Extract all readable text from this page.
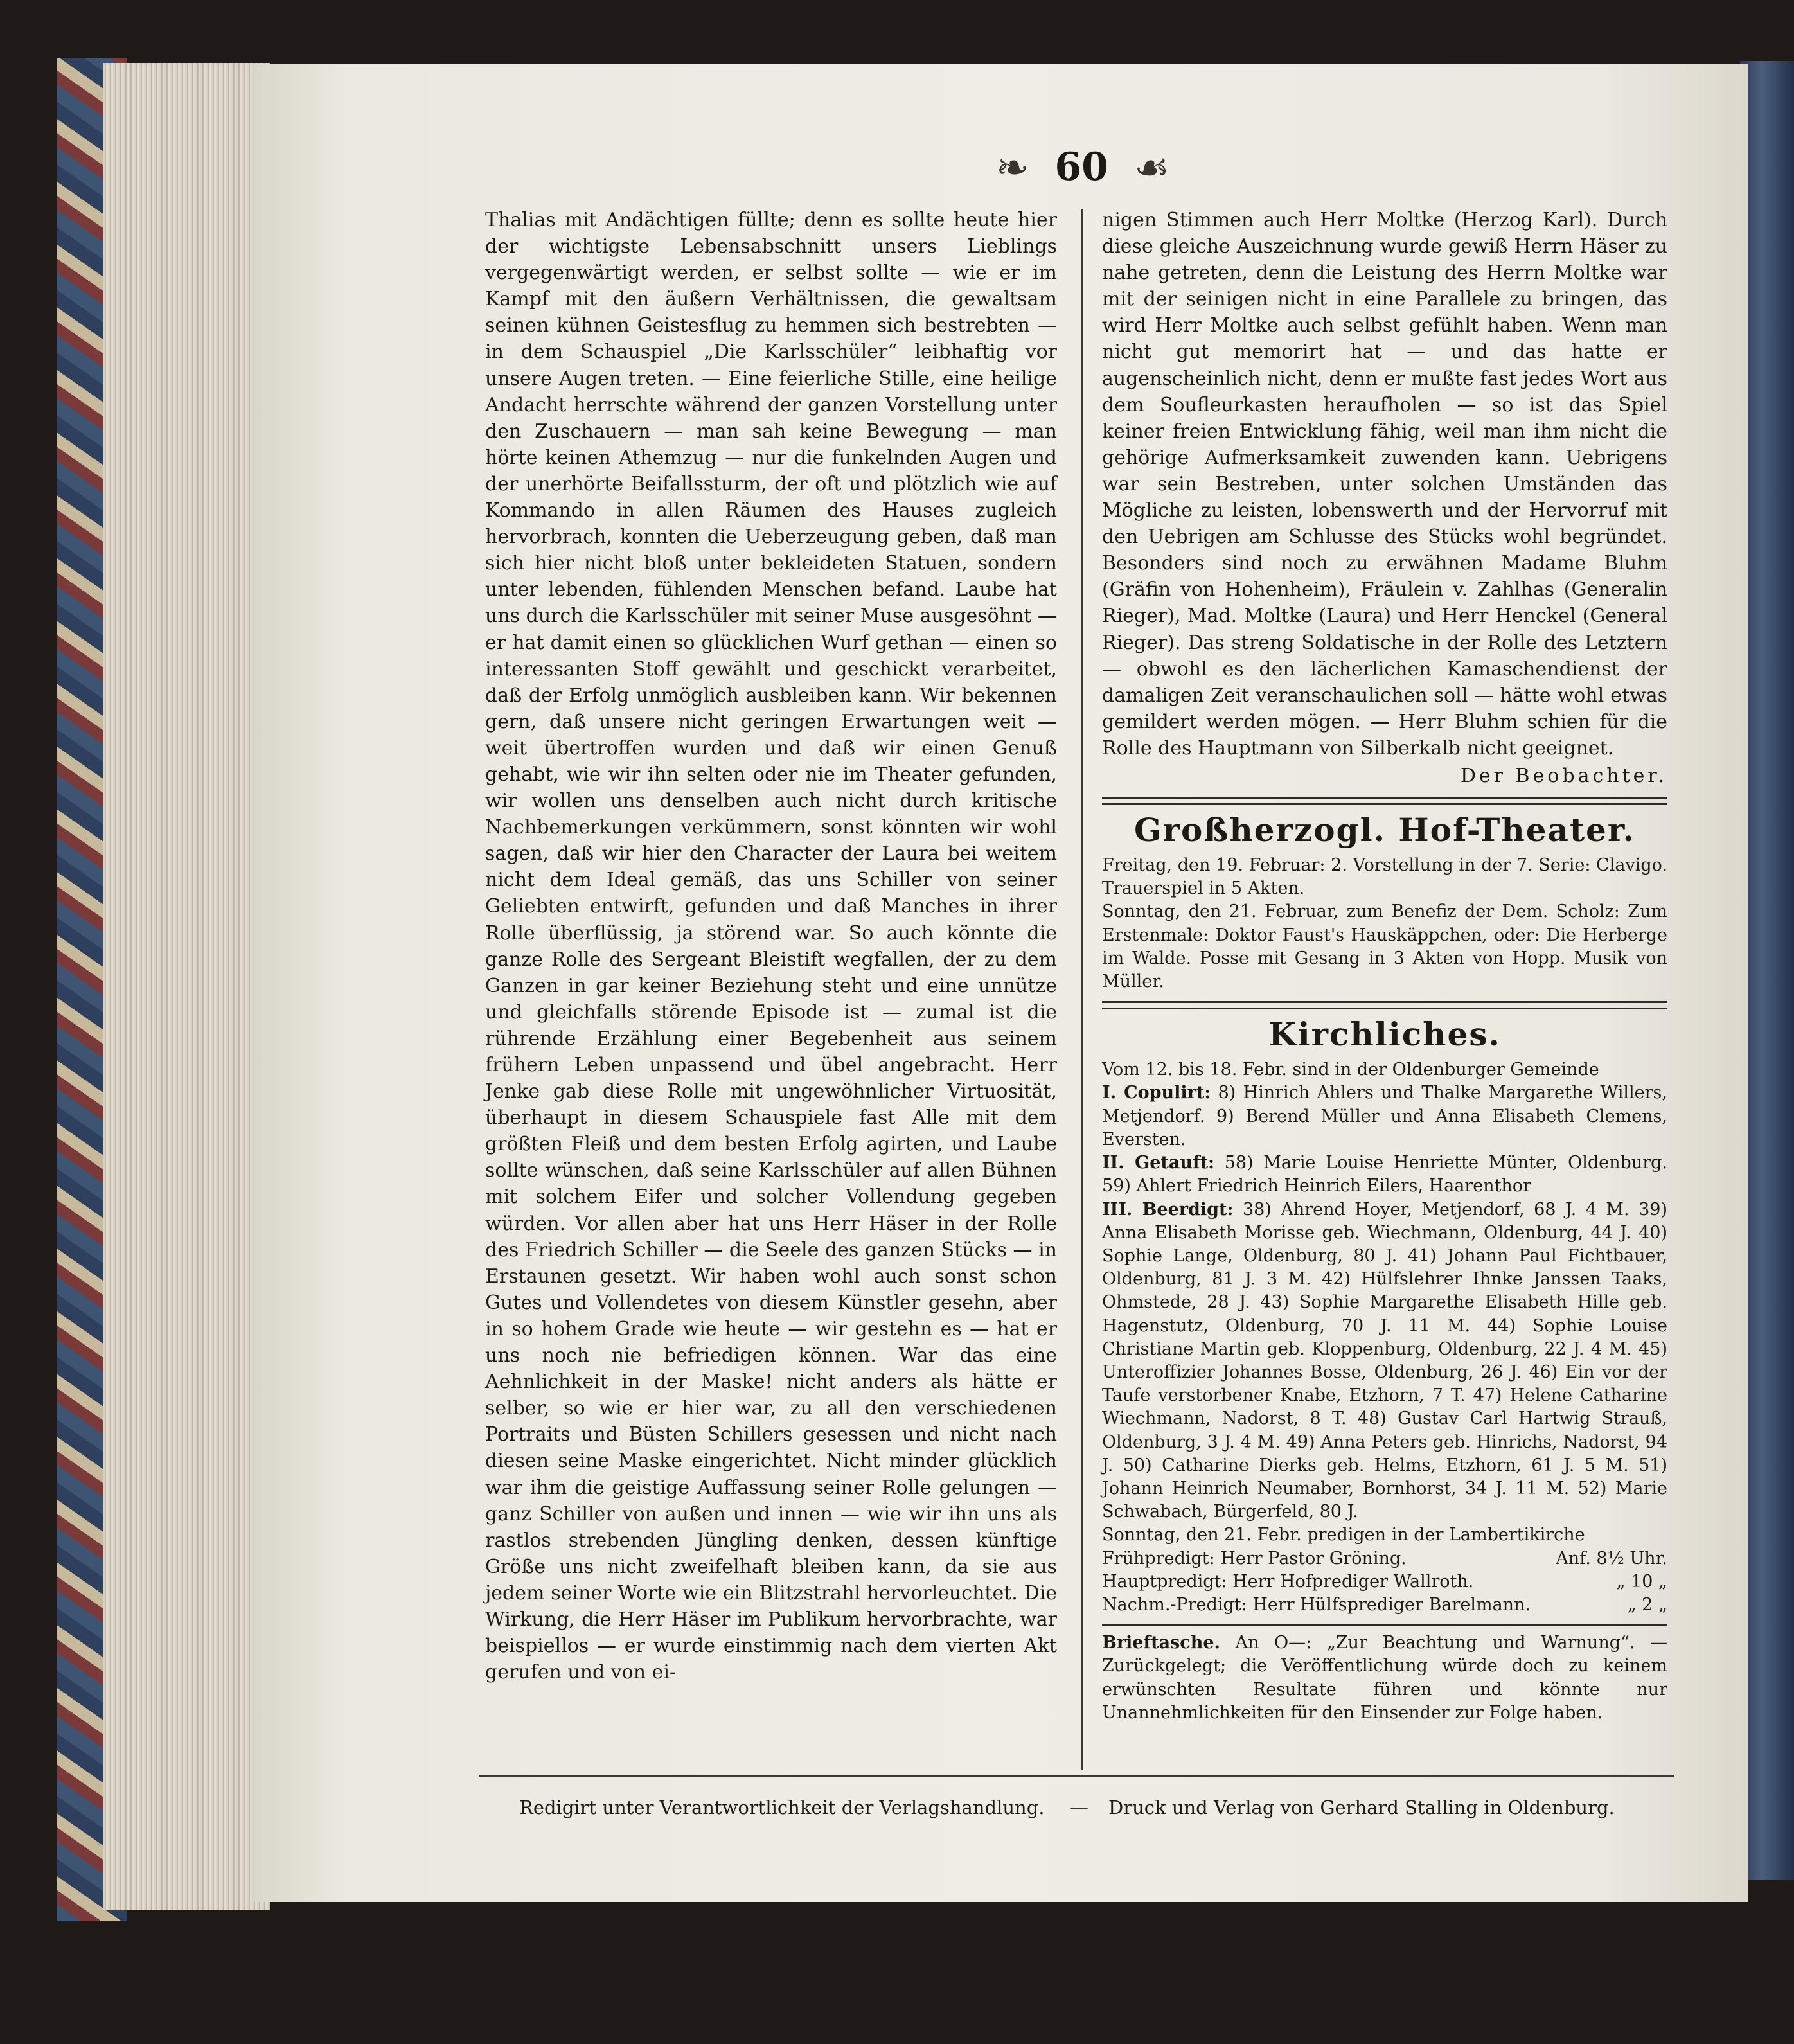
❧ 60 ☙

Thalias mit Andächtigen füllte; denn es sollte heute hier der wichtigste Lebensabschnitt unsers Lieblings vergegenwärtigt werden, er selbst sollte — wie er im Kampf mit den äußern Verhältnissen, die gewaltsam seinen kühnen Geistesflug zu hemmen sich bestrebten — in dem Schauspiel „Die Karlsschüler“ leibhaftig vor unsere Augen treten. — Eine feierliche Stille, eine heilige Andacht herrschte während der ganzen Vorstellung unter den Zuschauern — man sah keine Bewegung — man hörte keinen Athemzug — nur die funkelnden Augen und der unerhörte Beifallssturm, der oft und plötzlich wie auf Kommando in allen Räumen des Hauses zugleich hervorbrach, konnten die Ueberzeugung geben, daß man sich hier nicht bloß unter bekleideten Statuen, sondern unter lebenden, fühlenden Menschen befand. Laube hat uns durch die Karlsschüler mit seiner Muse ausgesöhnt — er hat damit einen so glücklichen Wurf gethan — einen so interessanten Stoff gewählt und geschickt verarbeitet, daß der Erfolg unmöglich ausbleiben kann. Wir bekennen gern, daß unsere nicht geringen Erwartungen weit — weit übertroffen wurden und daß wir einen Genuß gehabt, wie wir ihn selten oder nie im Theater gefunden, wir wollen uns denselben auch nicht durch kritische Nachbemerkungen verkümmern, sonst könnten wir wohl sagen, daß wir hier den Character der Laura bei weitem nicht dem Ideal gemäß, das uns Schiller von seiner Geliebten entwirft, gefunden und daß Manches in ihrer Rolle überflüssig, ja störend war. So auch könnte die ganze Rolle des Sergeant Bleistift wegfallen, der zu dem Ganzen in gar keiner Beziehung steht und eine unnütze und gleichfalls störende Episode ist — zumal ist die rührende Erzählung einer Begebenheit aus seinem frühern Leben unpassend und übel angebracht. Herr Jenke gab diese Rolle mit ungewöhnlicher Virtuosität, überhaupt in diesem Schauspiele fast Alle mit dem größten Fleiß und dem besten Erfolg agirten, und Laube sollte wünschen, daß seine Karlsschüler auf allen Bühnen mit solchem Eifer und solcher Vollendung gegeben würden. Vor allen aber hat uns Herr Häser in der Rolle des Friedrich Schiller — die Seele des ganzen Stücks — in Erstaunen gesetzt. Wir haben wohl auch sonst schon Gutes und Vollendetes von diesem Künstler gesehn, aber in so hohem Grade wie heute — wir gestehn es — hat er uns noch nie befriedigen können. War das eine Aehnlichkeit in der Maske! nicht anders als hätte er selber, so wie er hier war, zu all den verschiedenen Portraits und Büsten Schillers gesessen und nicht nach diesen seine Maske eingerichtet. Nicht minder glücklich war ihm die geistige Auffassung seiner Rolle gelungen — ganz Schiller von außen und innen — wie wir ihn uns als rastlos strebenden Jüngling denken, dessen künftige Größe uns nicht zweifelhaft bleiben kann, da sie aus jedem seiner Worte wie ein Blitzstrahl hervorleuchtet. Die Wirkung, die Herr Häser im Publikum hervorbrachte, war beispiellos — er wurde einstimmig nach dem vierten Akt gerufen und von ei-

nigen Stimmen auch Herr Moltke (Herzog Karl). Durch diese gleiche Auszeichnung wurde gewiß Herrn Häser zu nahe getreten, denn die Leistung des Herrn Moltke war mit der seinigen nicht in eine Parallele zu bringen, das wird Herr Moltke auch selbst gefühlt haben. Wenn man nicht gut memorirt hat — und das hatte er augenscheinlich nicht, denn er mußte fast jedes Wort aus dem Soufleurkasten heraufholen — so ist das Spiel keiner freien Entwicklung fähig, weil man ihm nicht die gehörige Aufmerksamkeit zuwenden kann. Uebrigens war sein Bestreben, unter solchen Umständen das Mögliche zu leisten, lobenswerth und der Hervorruf mit den Uebrigen am Schlusse des Stücks wohl begründet. Besonders sind noch zu erwähnen Madame Bluhm (Gräfin von Hohenheim), Fräulein v. Zahlhas (Generalin Rieger), Mad. Moltke (Laura) und Herr Henckel (General Rieger). Das streng Soldatische in der Rolle des Letztern — obwohl es den lächerlichen Kamaschendienst der damaligen Zeit veranschaulichen soll — hätte wohl etwas gemildert werden mögen. — Herr Bluhm schien für die Rolle des Hauptmann von Silberkalb nicht geeignet.

Der Beobachter.

Großherzogl. Hof-Theater.

Freitag, den 19. Februar: 2. Vorstellung in der 7. Serie: Clavigo. Trauerspiel in 5 Akten.

Sonntag, den 21. Februar, zum Benefiz der Dem. Scholz: Zum Erstenmale: Doktor Faust's Hauskäppchen, oder: Die Herberge im Walde. Posse mit Gesang in 3 Akten von Hopp. Musik von Müller.

Kirchliches.

Vom 12. bis 18. Febr. sind in der Oldenburger Gemeinde

I. Copulirt: 8) Hinrich Ahlers und Thalke Margarethe Willers, Metjendorf. 9) Berend Müller und Anna Elisabeth Clemens, Eversten.

II. Getauft: 58) Marie Louise Henriette Münter, Oldenburg. 59) Ahlert Friedrich Heinrich Eilers, Haarenthor

III. Beerdigt: 38) Ahrend Hoyer, Metjendorf, 68 J. 4 M. 39) Anna Elisabeth Morisse geb. Wiechmann, Oldenburg, 44 J. 40) Sophie Lange, Oldenburg, 80 J. 41) Johann Paul Fichtbauer, Oldenburg, 81 J. 3 M. 42) Hülfslehrer Ihnke Janssen Taaks, Ohmstede, 28 J. 43) Sophie Margarethe Elisabeth Hille geb. Hagenstutz, Oldenburg, 70 J. 11 M. 44) Sophie Louise Christiane Martin geb. Kloppenburg, Oldenburg, 22 J. 4 M. 45) Unteroffizier Johannes Bosse, Oldenburg, 26 J. 46) Ein vor der Taufe verstorbener Knabe, Etzhorn, 7 T. 47) Helene Catharine Wiechmann, Nadorst, 8 T. 48) Gustav Carl Hartwig Strauß, Oldenburg, 3 J. 4 M. 49) Anna Peters geb. Hinrichs, Nadorst, 94 J. 50) Catharine Dierks geb. Helms, Etzhorn, 61 J. 5 M. 51) Johann Heinrich Neumaber, Bornhorst, 34 J. 11 M. 52) Marie Schwabach, Bürgerfeld, 80 J.

Sonntag, den 21. Febr. predigen in der Lambertikirche

Frühpredigt: Herr Pastor Gröning.	Anf. 8½ Uhr.

Hauptpredigt: Herr Hofprediger Wallroth.	„ 10 „

Nachm.-Predigt: Herr Hülfsprediger Barelmann.	„ 2 „

Brieftasche. An O—: „Zur Beachtung und Warnung“. — Zurückgelegt; die Veröffentlichung würde doch zu keinem erwünschten Resultate führen und könnte nur Unannehmlichkeiten für den Einsender zur Folge haben.

Redigirt unter Verantwortlichkeit der Verlagshandlung. — Druck und Verlag von Gerhard Stalling in Oldenburg.
